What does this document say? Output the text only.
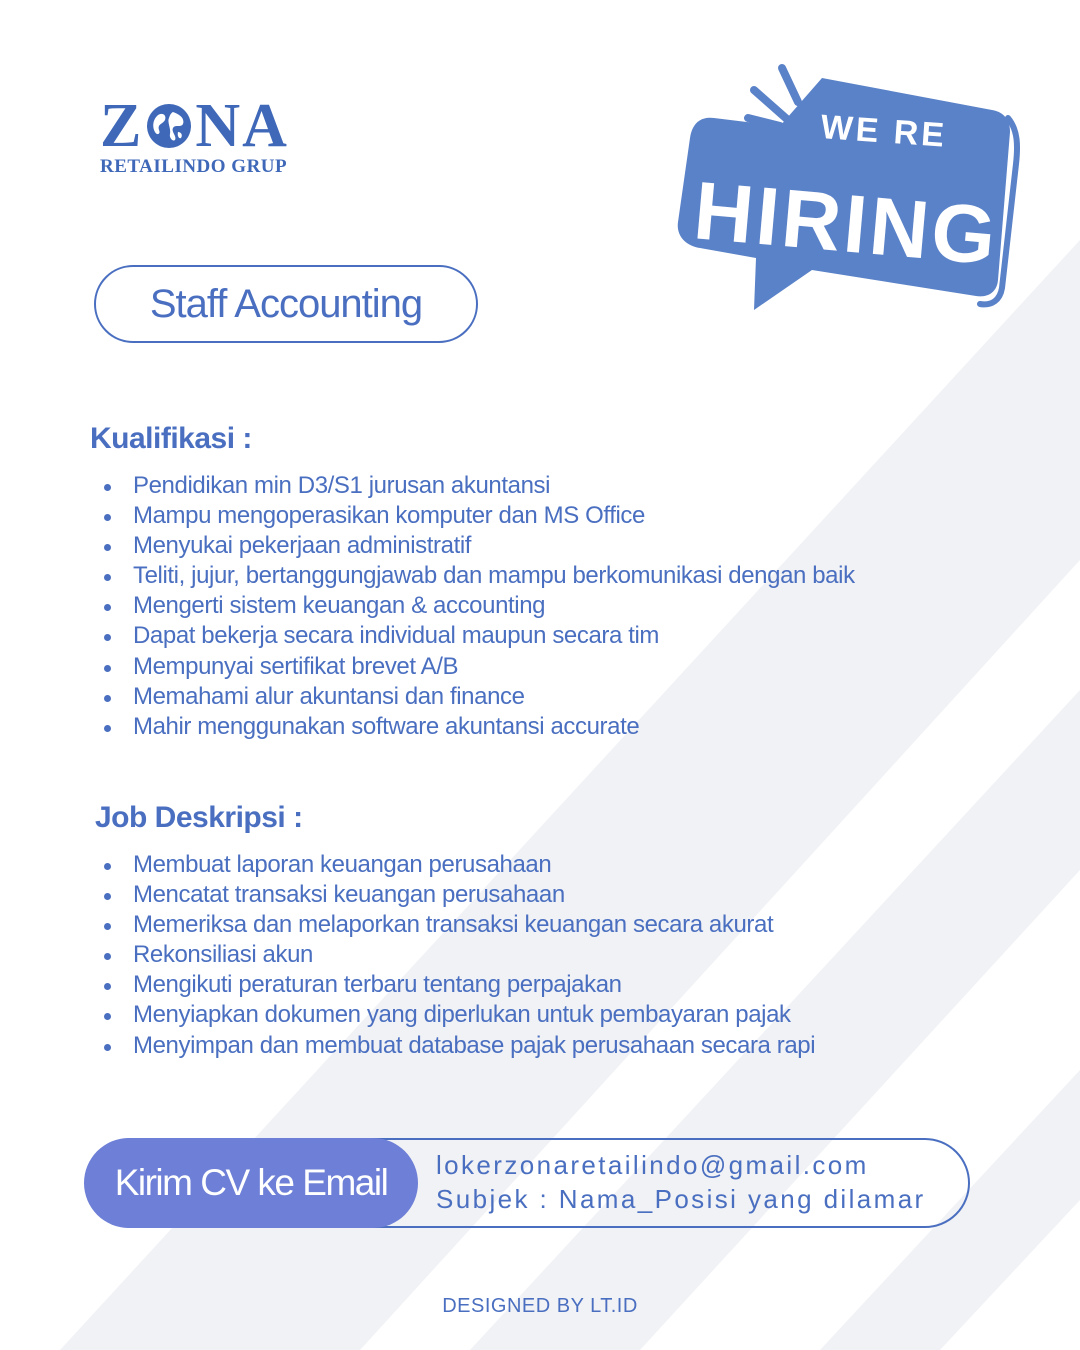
Z NA
RETAILINDO GRUP
WE RE
HIRING
Staff Accounting
Kualifikasi :
Pendidikan min D3/S1 jurusan akuntansi
Mampu mengoperasikan komputer dan MS Office
Menyukai pekerjaan administratif
Teliti, jujur, bertanggungjawab dan mampu berkomunikasi dengan baik
Mengerti sistem keuangan & accounting
Dapat bekerja secara individual maupun secara tim
Mempunyai sertifikat brevet A/B
Memahami alur akuntansi dan finance
Mahir menggunakan software akuntansi accurate
Job Deskripsi :
Membuat laporan keuangan perusahaan
Mencatat transaksi keuangan perusahaan
Memeriksa dan melaporkan transaksi keuangan secara akurat
Rekonsiliasi akun
Mengikuti peraturan terbaru tentang perpajakan
Menyiapkan dokumen yang diperlukan untuk pembayaran pajak
Menyimpan dan membuat database pajak perusahaan secara rapi
Kirim CV ke Email	lokerzonaretailindo@gmail.com
Subjek : Nama_Posisi yang dilamar
DESIGNED BY LT.ID
